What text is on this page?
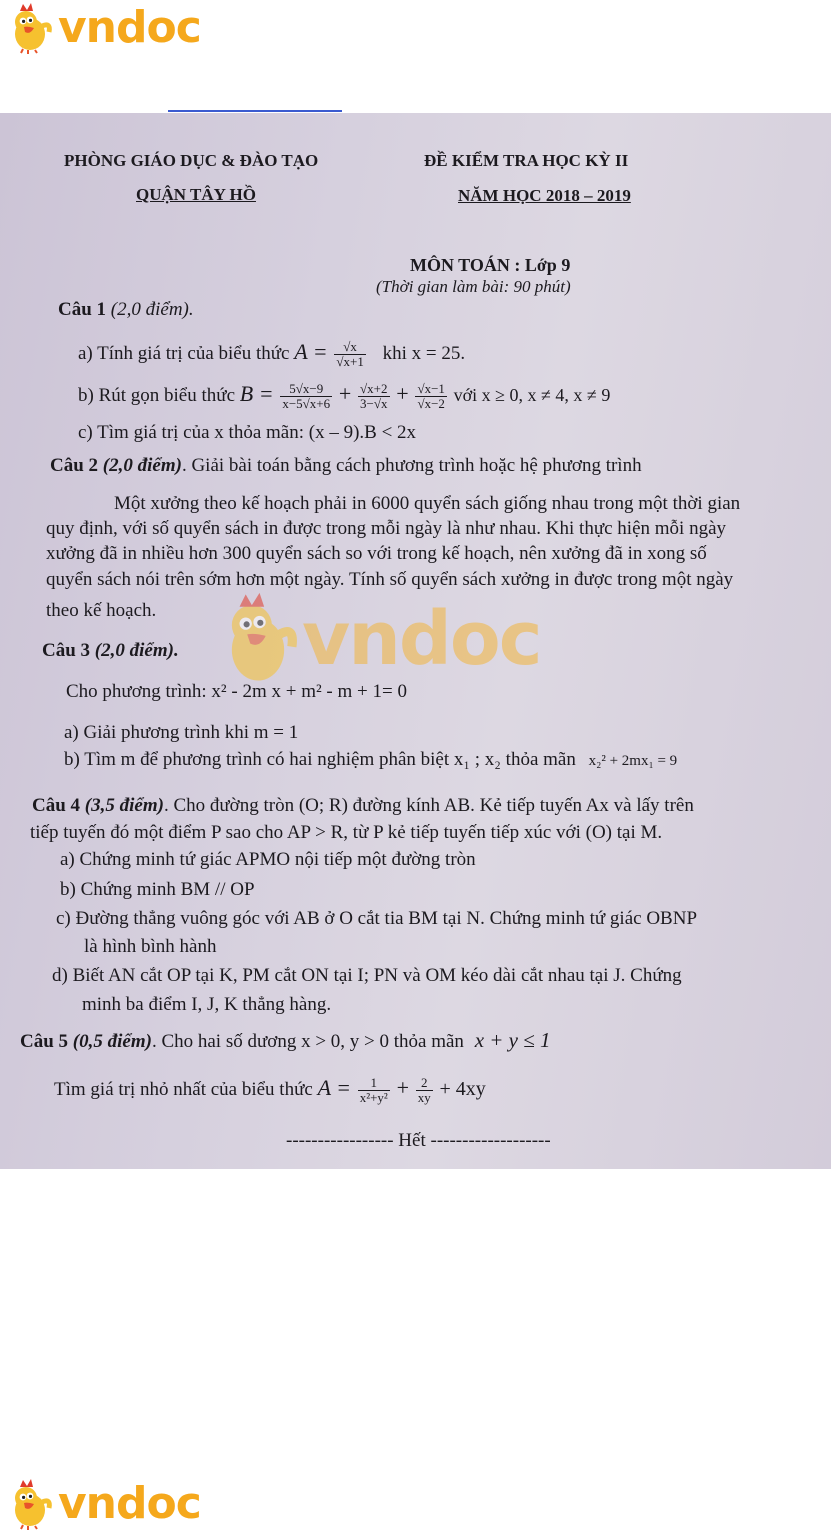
vndoc
PHÒNG GIÁO DỤC & ĐÀO TẠO
QUẬN TÂY HỒ
ĐỀ KIỂM TRA HỌC KỲ II
NĂM HỌC 2018 – 2019
MÔN TOÁN : Lớp 9
(Thời gian làm bài: 90 phút)
Câu 1 (2,0 điểm).
a) Tính giá trị của biểu thức $A = \frac{√x}{√x+1}$ khi x = 25.
b) Rút gọn biểu thức $B = \frac{5√x-9}{x-5√x+6} + \frac{√x+2}{3-√x} + \frac{√x-1}{√x-2}$ với x ≥ 0, x ≠ 4, x ≠ 9
c) Tìm giá trị của x thỏa mãn: (x – 9).B < 2x
Câu 2 (2,0 điểm). Giải bài toán bằng cách phương trình hoặc hệ phương trình
Một xưởng theo kế hoạch phải in 6000 quyển sách giống nhau trong một thời gian
quy định, với số quyển sách in được trong mỗi ngày là như nhau. Khi thực hiện mỗi ngày
xưởng đã in nhiều hơn 300 quyển sách so với trong kế hoạch, nên xưởng đã in xong số
quyển sách nói trên sớm hơn một ngày. Tính số quyển sách xưởng in được trong một ngày
theo kế hoạch. vndoc
Câu 3 (2,0 điểm).
Cho phương trình: x² - 2m x + m² - m + 1= 0
a) Giải phương trình khi m = 1
b) Tìm m để phương trình có hai nghiệm phân biệt x₁ ; x₂ thỏa mãn x₂² + 2mx₁ = 9
Câu 4 (3,5 điểm). Cho đường tròn (O; R) đường kính AB. Kẻ tiếp tuyến Ax và lấy trên
tiếp tuyến đó một điểm P sao cho AP > R, từ P kẻ tiếp tuyến tiếp xúc với (O) tại M.
a) Chứng minh tứ giác APMO nội tiếp một đường tròn
b) Chứng minh BM // OP
c) Đường thẳng vuông góc với AB ở O cắt tia BM tại N. Chứng minh tứ giác OBNP
là hình bình hành
d) Biết AN cắt OP tại K, PM cắt ON tại I; PN và OM kéo dài cắt nhau tại J. Chứng
minh ba điểm I, J, K thẳng hàng.
Câu 5 (0,5 điểm). Cho hai số dương x > 0, y > 0 thỏa mãn x + y ≤ 1
Tìm giá trị nhỏ nhất của biểu thức $A = \frac{1}{\text{x²+y²}} + \frac{2}{xy} + 4xy$
----------------- Hết -------------------
vndoc
